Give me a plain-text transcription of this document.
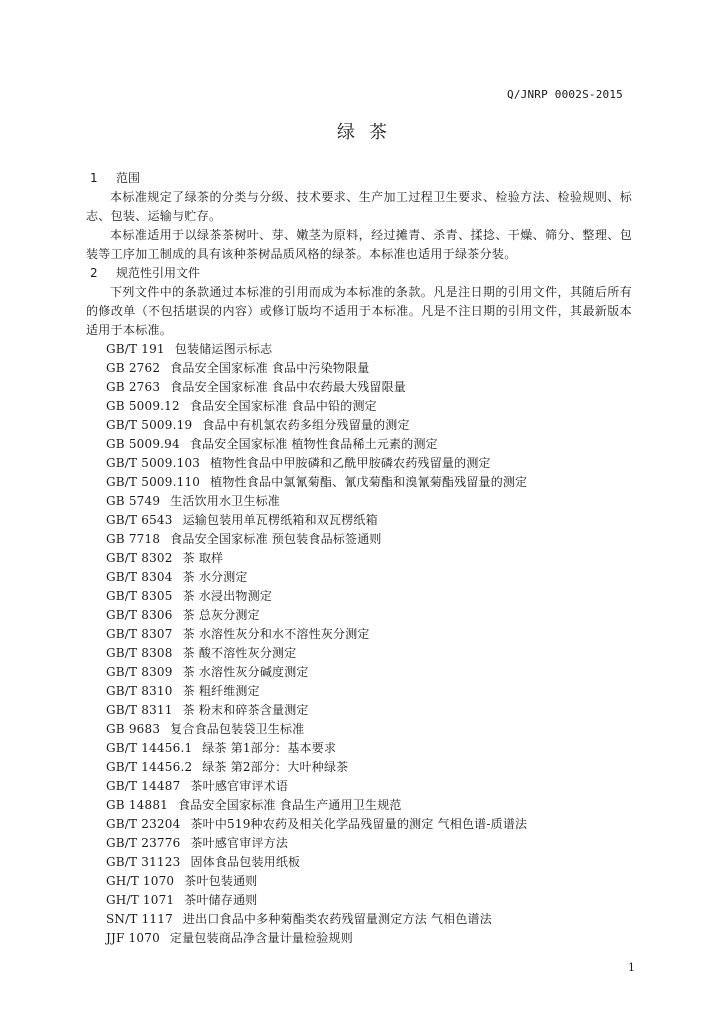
Q/JNRP 0002S-2015
绿茶
1 范围
本标准规定了绿茶的分类与分级、技术要求、生产加工过程卫生要求、检验方法、检验规则、标志、包装、运输与贮存。
本标准适用于以绿茶茶树叶、芽、嫩茎为原料，经过摊青、杀青、揉捻、干燥、筛分、整理、包装等工序加工制成的具有该种茶树品质风格的绿茶。本标准也适用于绿茶分装。
2 规范性引用文件
下列文件中的条款通过本标准的引用而成为本标准的条款。凡是注日期的引用文件，其随后所有的修改单（不包括堪误的内容）或修订版均不适用于本标准。凡是不注日期的引用文件，其最新版本适用于本标准。
GB/T 191 包装储运图示标志
GB 2762 食品安全国家标准 食品中污染物限量
GB 2763 食品安全国家标准 食品中农药最大残留限量
GB 5009.12 食品安全国家标准 食品中铅的测定
GB/T 5009.19 食品中有机氯农药多组分残留量的测定
GB 5009.94 食品安全国家标准 植物性食品稀土元素的测定
GB/T 5009.103 植物性食品中甲胺磷和乙酰甲胺磷农药残留量的测定
GB/T 5009.110 植物性食品中氯氰菊酯、氰戊菊酯和溴氰菊酯残留量的测定
GB 5749 生活饮用水卫生标准
GB/T 6543 运输包装用单瓦楞纸箱和双瓦楞纸箱
GB 7718 食品安全国家标准 预包装食品标签通则
GB/T 8302 茶 取样
GB/T 8304 茶 水分测定
GB/T 8305 茶 水浸出物测定
GB/T 8306 茶 总灰分测定
GB/T 8307 茶 水溶性灰分和水不溶性灰分测定
GB/T 8308 茶 酸不溶性灰分测定
GB/T 8309 茶 水溶性灰分碱度测定
GB/T 8310 茶 粗纤维测定
GB/T 8311 茶 粉末和碎茶含量测定
GB 9683 复合食品包装袋卫生标准
GB/T 14456.1 绿茶 第1部分：基本要求
GB/T 14456.2 绿茶 第2部分：大叶种绿茶
GB/T 14487 茶叶感官审评术语
GB 14881 食品安全国家标准 食品生产通用卫生规范
GB/T 23204 茶叶中519种农药及相关化学品残留量的测定 气相色谱-质谱法
GB/T 23776 茶叶感官审评方法
GB/T 31123 固体食品包装用纸板
GH/T 1070 茶叶包装通则
GH/T 1071 茶叶储存通则
SN/T 1117 进出口食品中多种菊酯类农药残留量测定方法 气相色谱法
JJF 1070 定量包装商品净含量计量检验规则
1
